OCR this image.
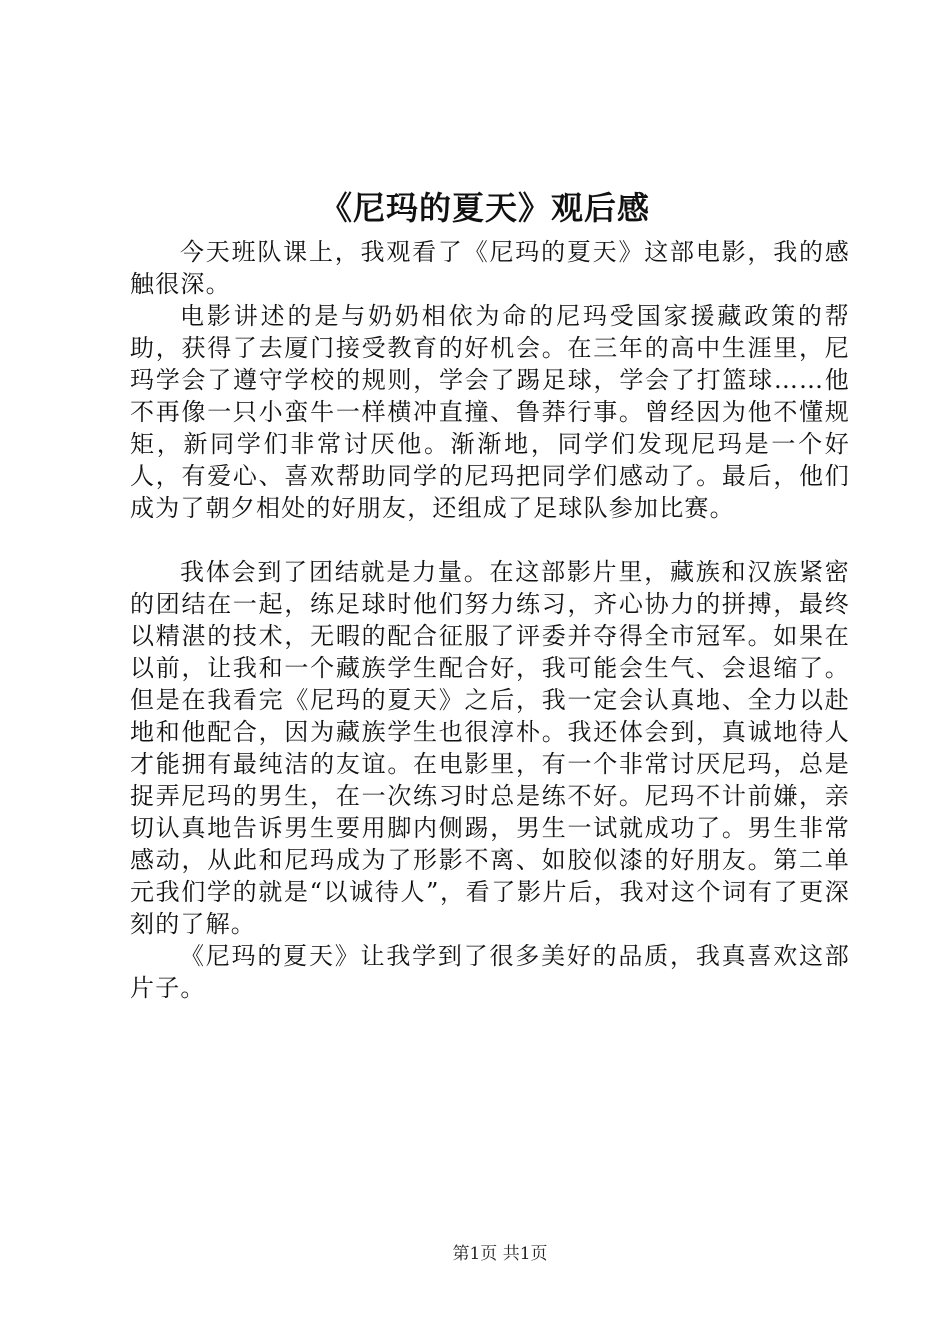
《尼玛的夏天》观后感

今天班队课上，我观看了《尼玛的夏天》这部电影，我的感触很深。

电影讲述的是与奶奶相依为命的尼玛受国家援藏政策的帮助，获得了去厦门接受教育的好机会。在三年的高中生涯里，尼玛学会了遵守学校的规则，学会了踢足球，学会了打篮球……他不再像一只小蛮牛一样横冲直撞、鲁莽行事。曾经因为他不懂规矩，新同学们非常讨厌他。渐渐地，同学们发现尼玛是一个好人，有爱心、喜欢帮助同学的尼玛把同学们感动了。最后，他们成为了朝夕相处的好朋友，还组成了足球队参加比赛。

我体会到了团结就是力量。在这部影片里，藏族和汉族紧密的团结在一起，练足球时他们努力练习，齐心协力的拼搏，最终以精湛的技术，无暇的配合征服了评委并夺得全市冠军。如果在以前，让我和一个藏族学生配合好，我可能会生气、会退缩了。但是在我看完《尼玛的夏天》之后，我一定会认真地、全力以赴地和他配合，因为藏族学生也很淳朴。我还体会到，真诚地待人才能拥有最纯洁的友谊。在电影里，有一个非常讨厌尼玛，总是捉弄尼玛的男生，在一次练习时总是练不好。尼玛不计前嫌，亲切认真地告诉男生要用脚内侧踢，男生一试就成功了。男生非常感动，从此和尼玛成为了形影不离、如胶似漆的好朋友。第二单元我们学的就是“以诚待人”，看了影片后，我对这个词有了更深刻的了解。

《尼玛的夏天》让我学到了很多美好的品质，我真喜欢这部片子。

第1页 共1页
